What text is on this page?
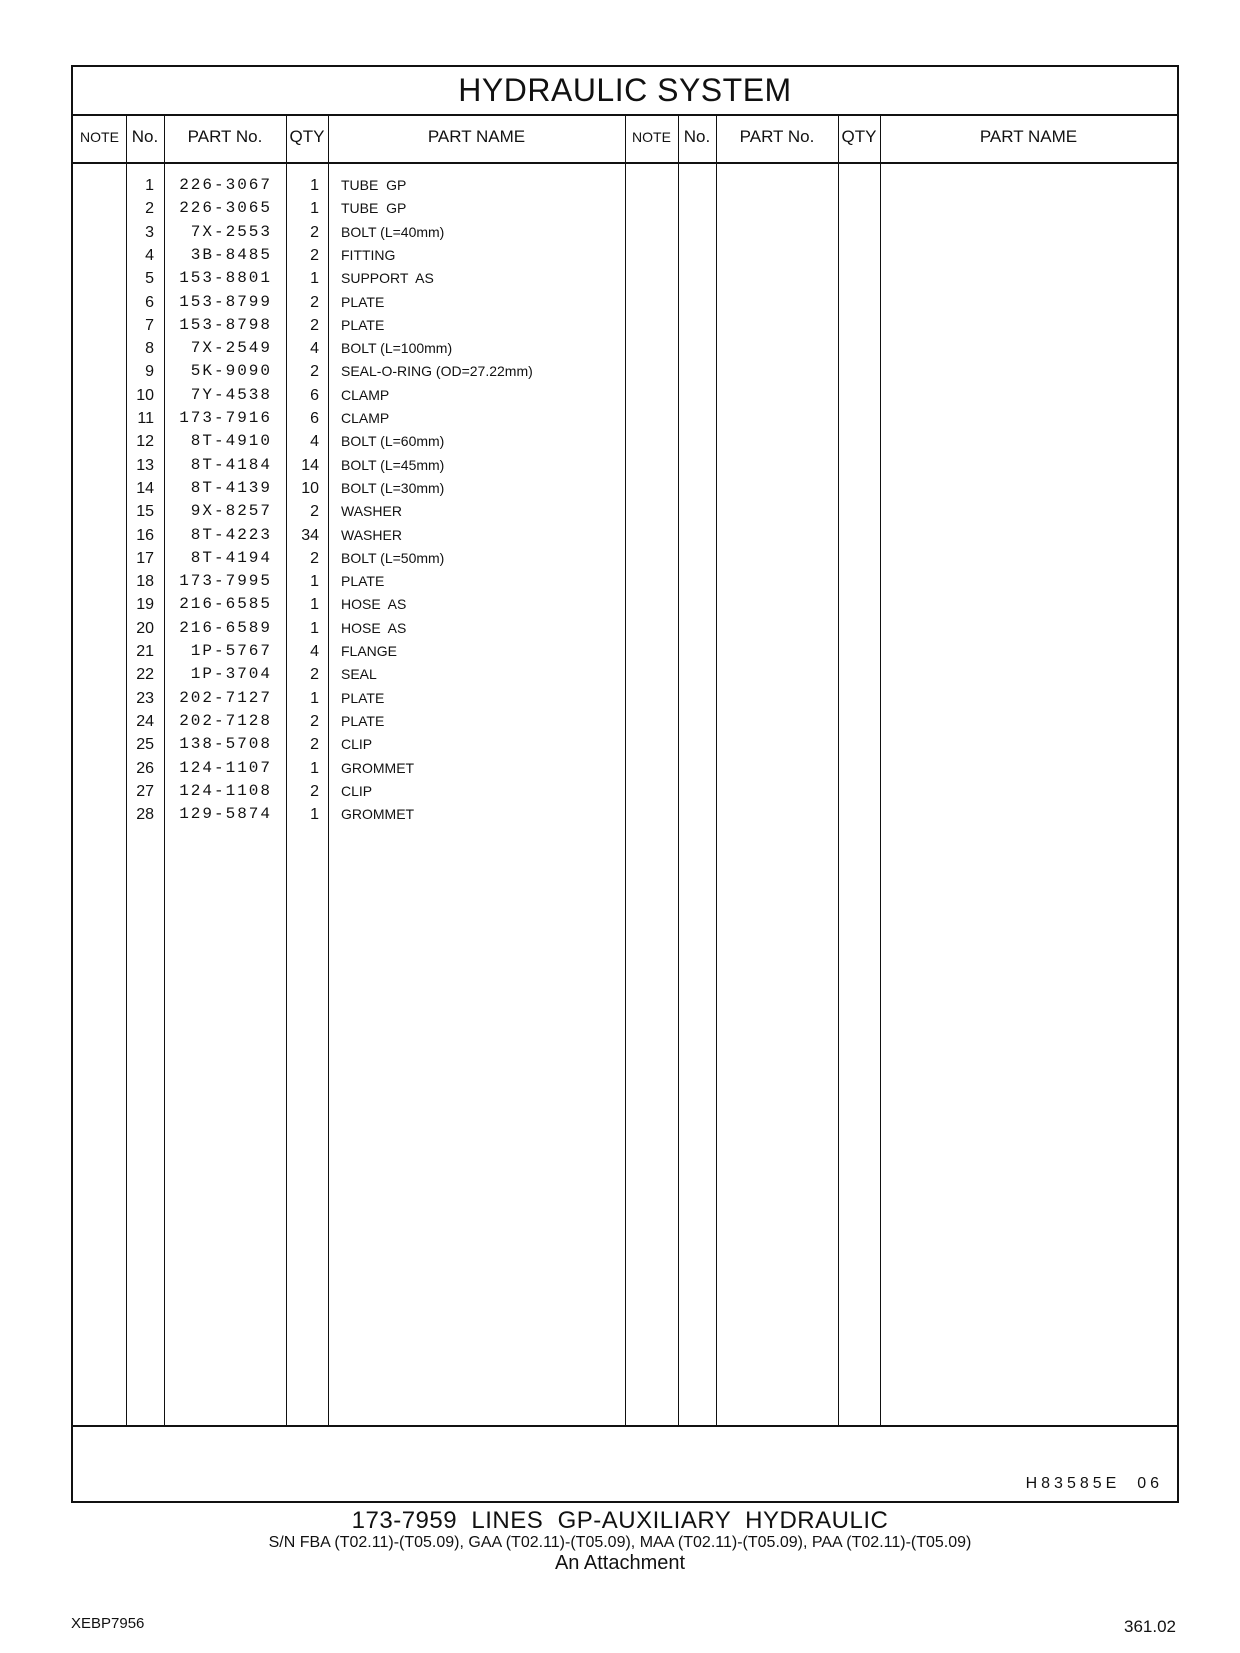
HYDRAULIC SYSTEM
NOTE No.	PART No.	QTY	PART NAME	NOTE No.	PART No.	QTY	PART NAME
1	226-3067	1 TUBE  GP
2	226-3065	1 TUBE  GP
3	7X-2553	2 BOLT (L=40mm)
4	3B-8485	2 FITTING
5	153-8801	1 SUPPORT  AS
6	153-8799	2 PLATE
7	153-8798	2 PLATE
8	7X-2549	4 BOLT (L=100mm)
9	5K-9090	2 SEAL-O-RING (OD=27.22mm)
10	7Y-4538	6 CLAMP
11	173-7916	6 CLAMP
12	8T-4910	4 BOLT (L=60mm)
13	8T-4184	14 BOLT (L=45mm)
14	8T-4139	10 BOLT (L=30mm)
15	9X-8257	2 WASHER
16	8T-4223	34 WASHER
17	8T-4194	2 BOLT (L=50mm)
18	173-7995	1 PLATE
19	216-6585	1 HOSE  AS
20	216-6589	1 HOSE  AS
21	1P-5767	4 FLANGE
22	1P-3704	2 SEAL
23	202-7127	1 PLATE
24	202-7128	2 PLATE
25	138-5708	2 CLIP
26	124-1107	1 GROMMET
27	124-1108	2 CLIP
28	129-5874	1 GROMMET
H83585E  06
173-7959  LINES  GP-AUXILIARY  HYDRAULIC
S/N FBA (T02.11)-(T05.09), GAA (T02.11)-(T05.09), MAA (T02.11)-(T05.09), PAA (T02.11)-(T05.09)
An Attachment
XEBP7956	361.02
